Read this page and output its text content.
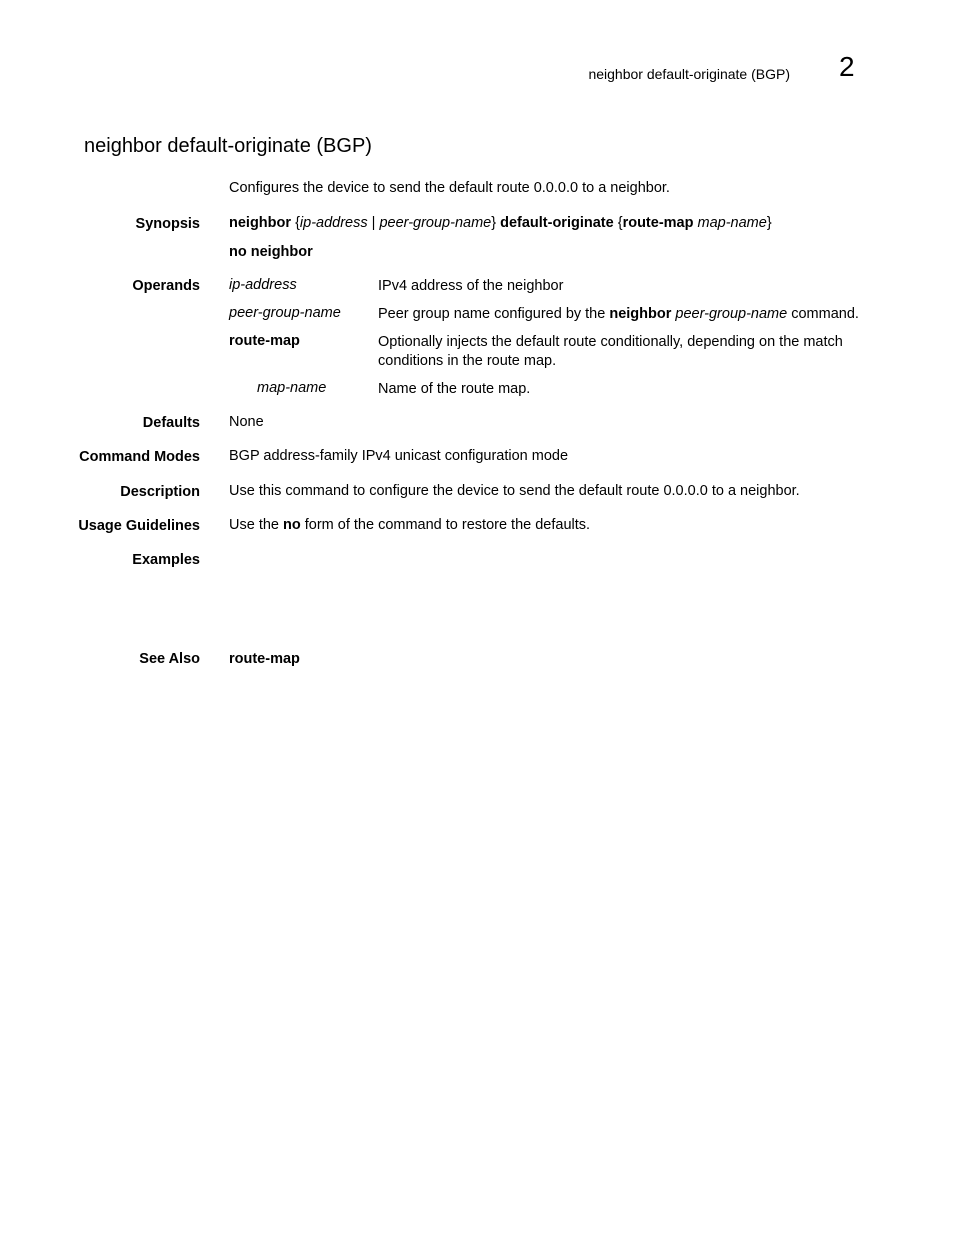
neighbor default-originate (BGP) 2
neighbor default-originate (BGP)
Configures the device to send the default route 0.0.0.0 to a neighbor.
Synopsis neighbor {ip-address | peer-group-name} default-originate {route-map map-name}
no neighbor
Operands ip-address	IPv4 address of the neighbor
peer-group-name	Peer group name configured by the neighbor peer-group-name command.
route-map	Optionally injects the default route conditionally, depending on the match conditions in the route map.
map-name	Name of the route map.
Defaults None
Command Modes BGP address-family IPv4 unicast configuration mode
Description Use this command to configure the device to send the default route 0.0.0.0 to a neighbor.
Usage Guidelines Use the no form of the command to restore the defaults.
Examples
See Also route-map
